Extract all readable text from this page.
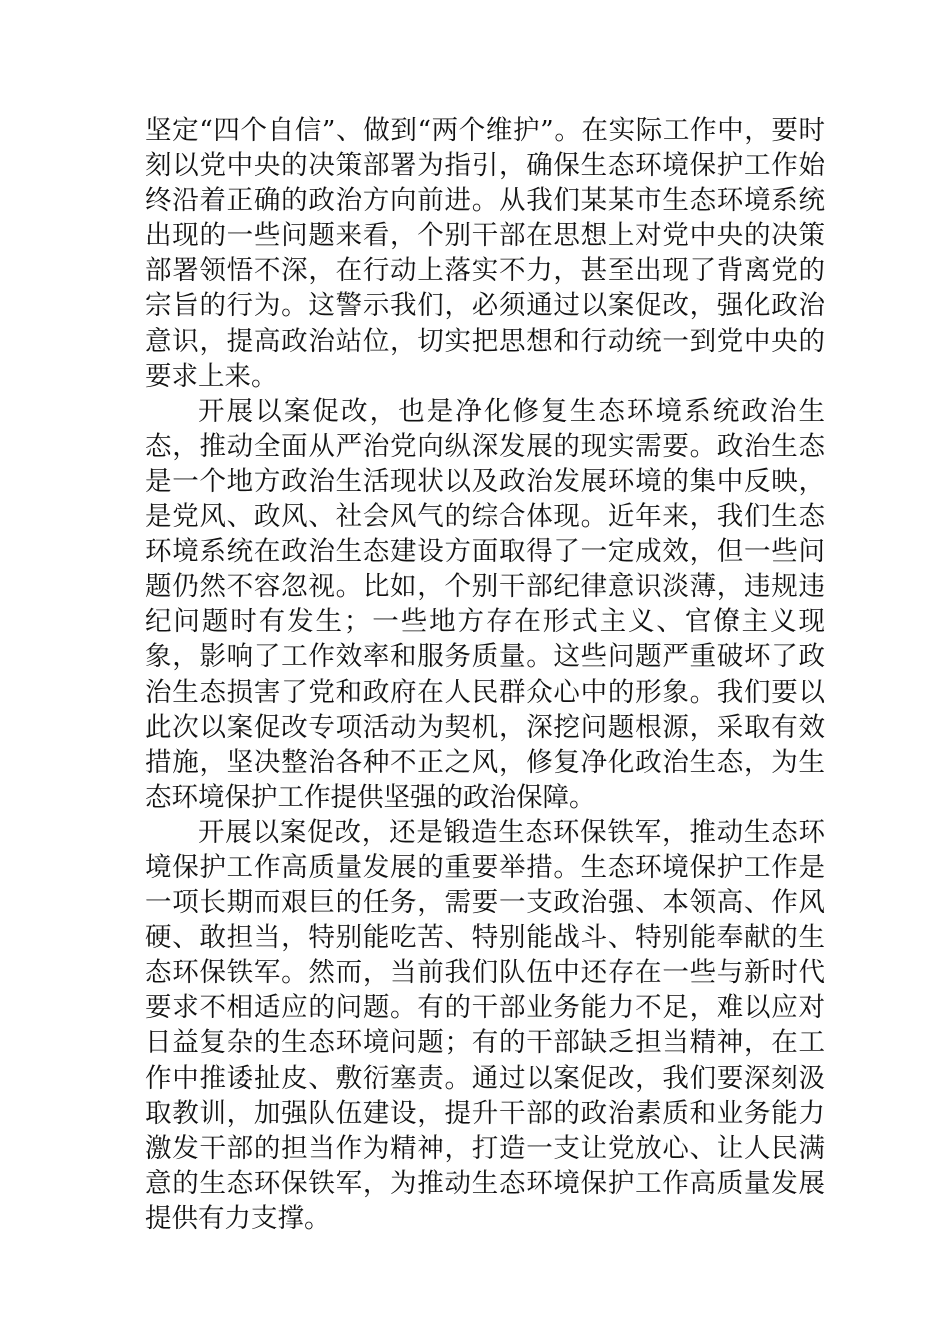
坚定“四个自信”、做到“两个维护”。在实际工作中，要时刻以党中央的决策部署为指引，确保生态环境保护工作始终沿着正确的政治方向前进。从我们某某市生态环境系统出现的一些问题来看，个别干部在思想上对党中央的决策部署领悟不深，在行动上落实不力，甚至出现了背离党的宗旨的行为。这警示我们，必须通过以案促改，强化政治意识，提高政治站位，切实把思想和行动统一到党中央的要求上来。

开展以案促改，也是净化修复生态环境系统政治生态，推动全面从严治党向纵深发展的现实需要。政治生态是一个地方政治生活现状以及政治发展环境的集中反映，是党风、政风、社会风气的综合体现。近年来，我们生态环境系统在政治生态建设方面取得了一定成效，但一些问题仍然不容忽视。比如，个别干部纪律意识淡薄，违规违纪问题时有发生；一些地方存在形式主义、官僚主义现象，影响了工作效率和服务质量。这些问题严重破坏了政治生态损害了党和政府在人民群众心中的形象。我们要以此次以案促改专项活动为契机，深挖问题根源，采取有效措施，坚决整治各种不正之风，修复净化政治生态，为生态环境保护工作提供坚强的政治保障。

开展以案促改，还是锻造生态环保铁军，推动生态环境保护工作高质量发展的重要举措。生态环境保护工作是一项长期而艰巨的任务，需要一支政治强、本领高、作风硬、敢担当，特别能吃苦、特别能战斗、特别能奉献的生态环保铁军。然而，当前我们队伍中还存在一些与新时代要求不相适应的问题。有的干部业务能力不足，难以应对日益复杂的生态环境问题；有的干部缺乏担当精神，在工作中推诿扯皮、敷衍塞责。通过以案促改，我们要深刻汲取教训，加强队伍建设，提升干部的政治素质和业务能力激发干部的担当作为精神，打造一支让党放心、让人民满意的生态环保铁军，为推动生态环境保护工作高质量发展提供有力支撑。
